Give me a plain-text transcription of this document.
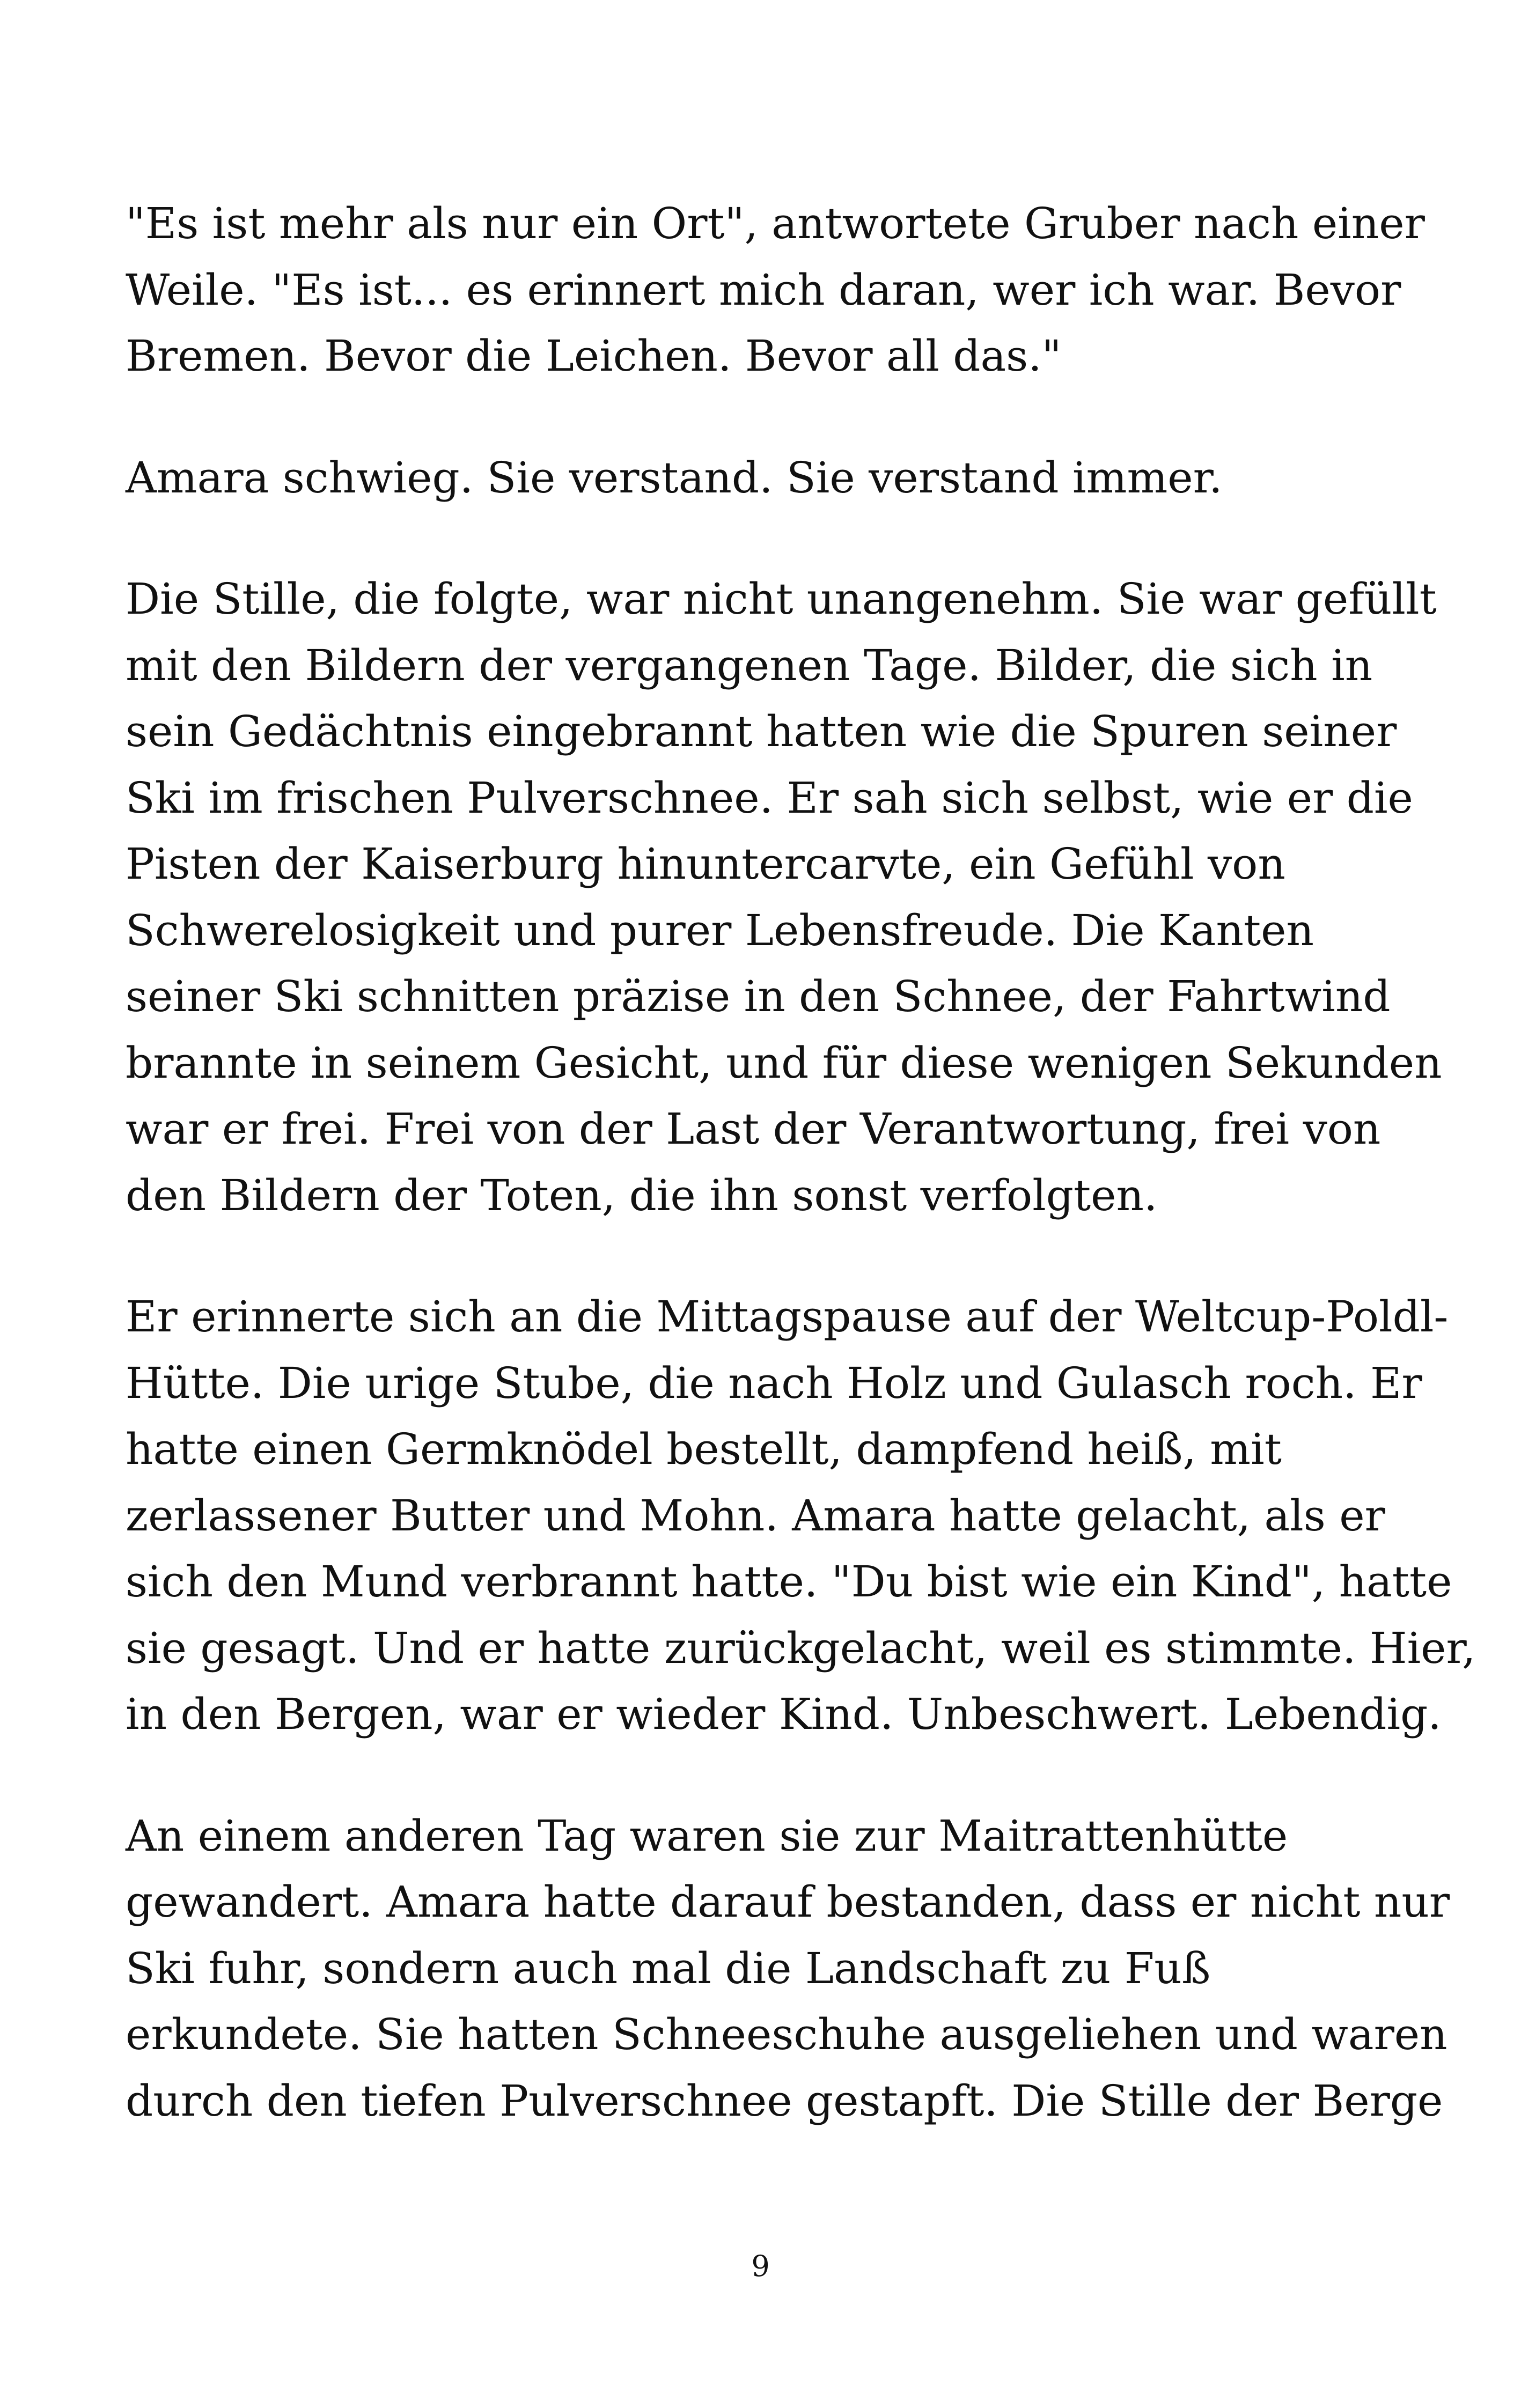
"Es ist mehr als nur ein Ort", antwortete Gruber nach einer
Weile. "Es ist... es erinnert mich daran, wer ich war. Bevor
Bremen. Bevor die Leichen. Bevor all das."
Amara schwieg. Sie verstand. Sie verstand immer.
Die Stille, die folgte, war nicht unangenehm. Sie war gefüllt
mit den Bildern der vergangenen Tage. Bilder, die sich in
sein Gedächtnis eingebrannt hatten wie die Spuren seiner
Ski im frischen Pulverschnee. Er sah sich selbst, wie er die
Pisten der Kaiserburg hinuntercarvte, ein Gefühl von
Schwerelosigkeit und purer Lebensfreude. Die Kanten
seiner Ski schnitten präzise in den Schnee, der Fahrtwind
brannte in seinem Gesicht, und für diese wenigen Sekunden
war er frei. Frei von der Last der Verantwortung, frei von
den Bildern der Toten, die ihn sonst verfolgten.
Er erinnerte sich an die Mittagspause auf der Weltcup-Poldl-
Hütte. Die urige Stube, die nach Holz und Gulasch roch. Er
hatte einen Germknödel bestellt, dampfend heiß, mit
zerlassener Butter und Mohn. Amara hatte gelacht, als er
sich den Mund verbrannt hatte. "Du bist wie ein Kind", hatte
sie gesagt. Und er hatte zurückgelacht, weil es stimmte. Hier,
in den Bergen, war er wieder Kind. Unbeschwert. Lebendig.
An einem anderen Tag waren sie zur Maitrattenhütte
gewandert. Amara hatte darauf bestanden, dass er nicht nur
Ski fuhr, sondern auch mal die Landschaft zu Fuß
erkundete. Sie hatten Schneeschuhe ausgeliehen und waren
durch den tiefen Pulverschnee gestapft. Die Stille der Berge
9
